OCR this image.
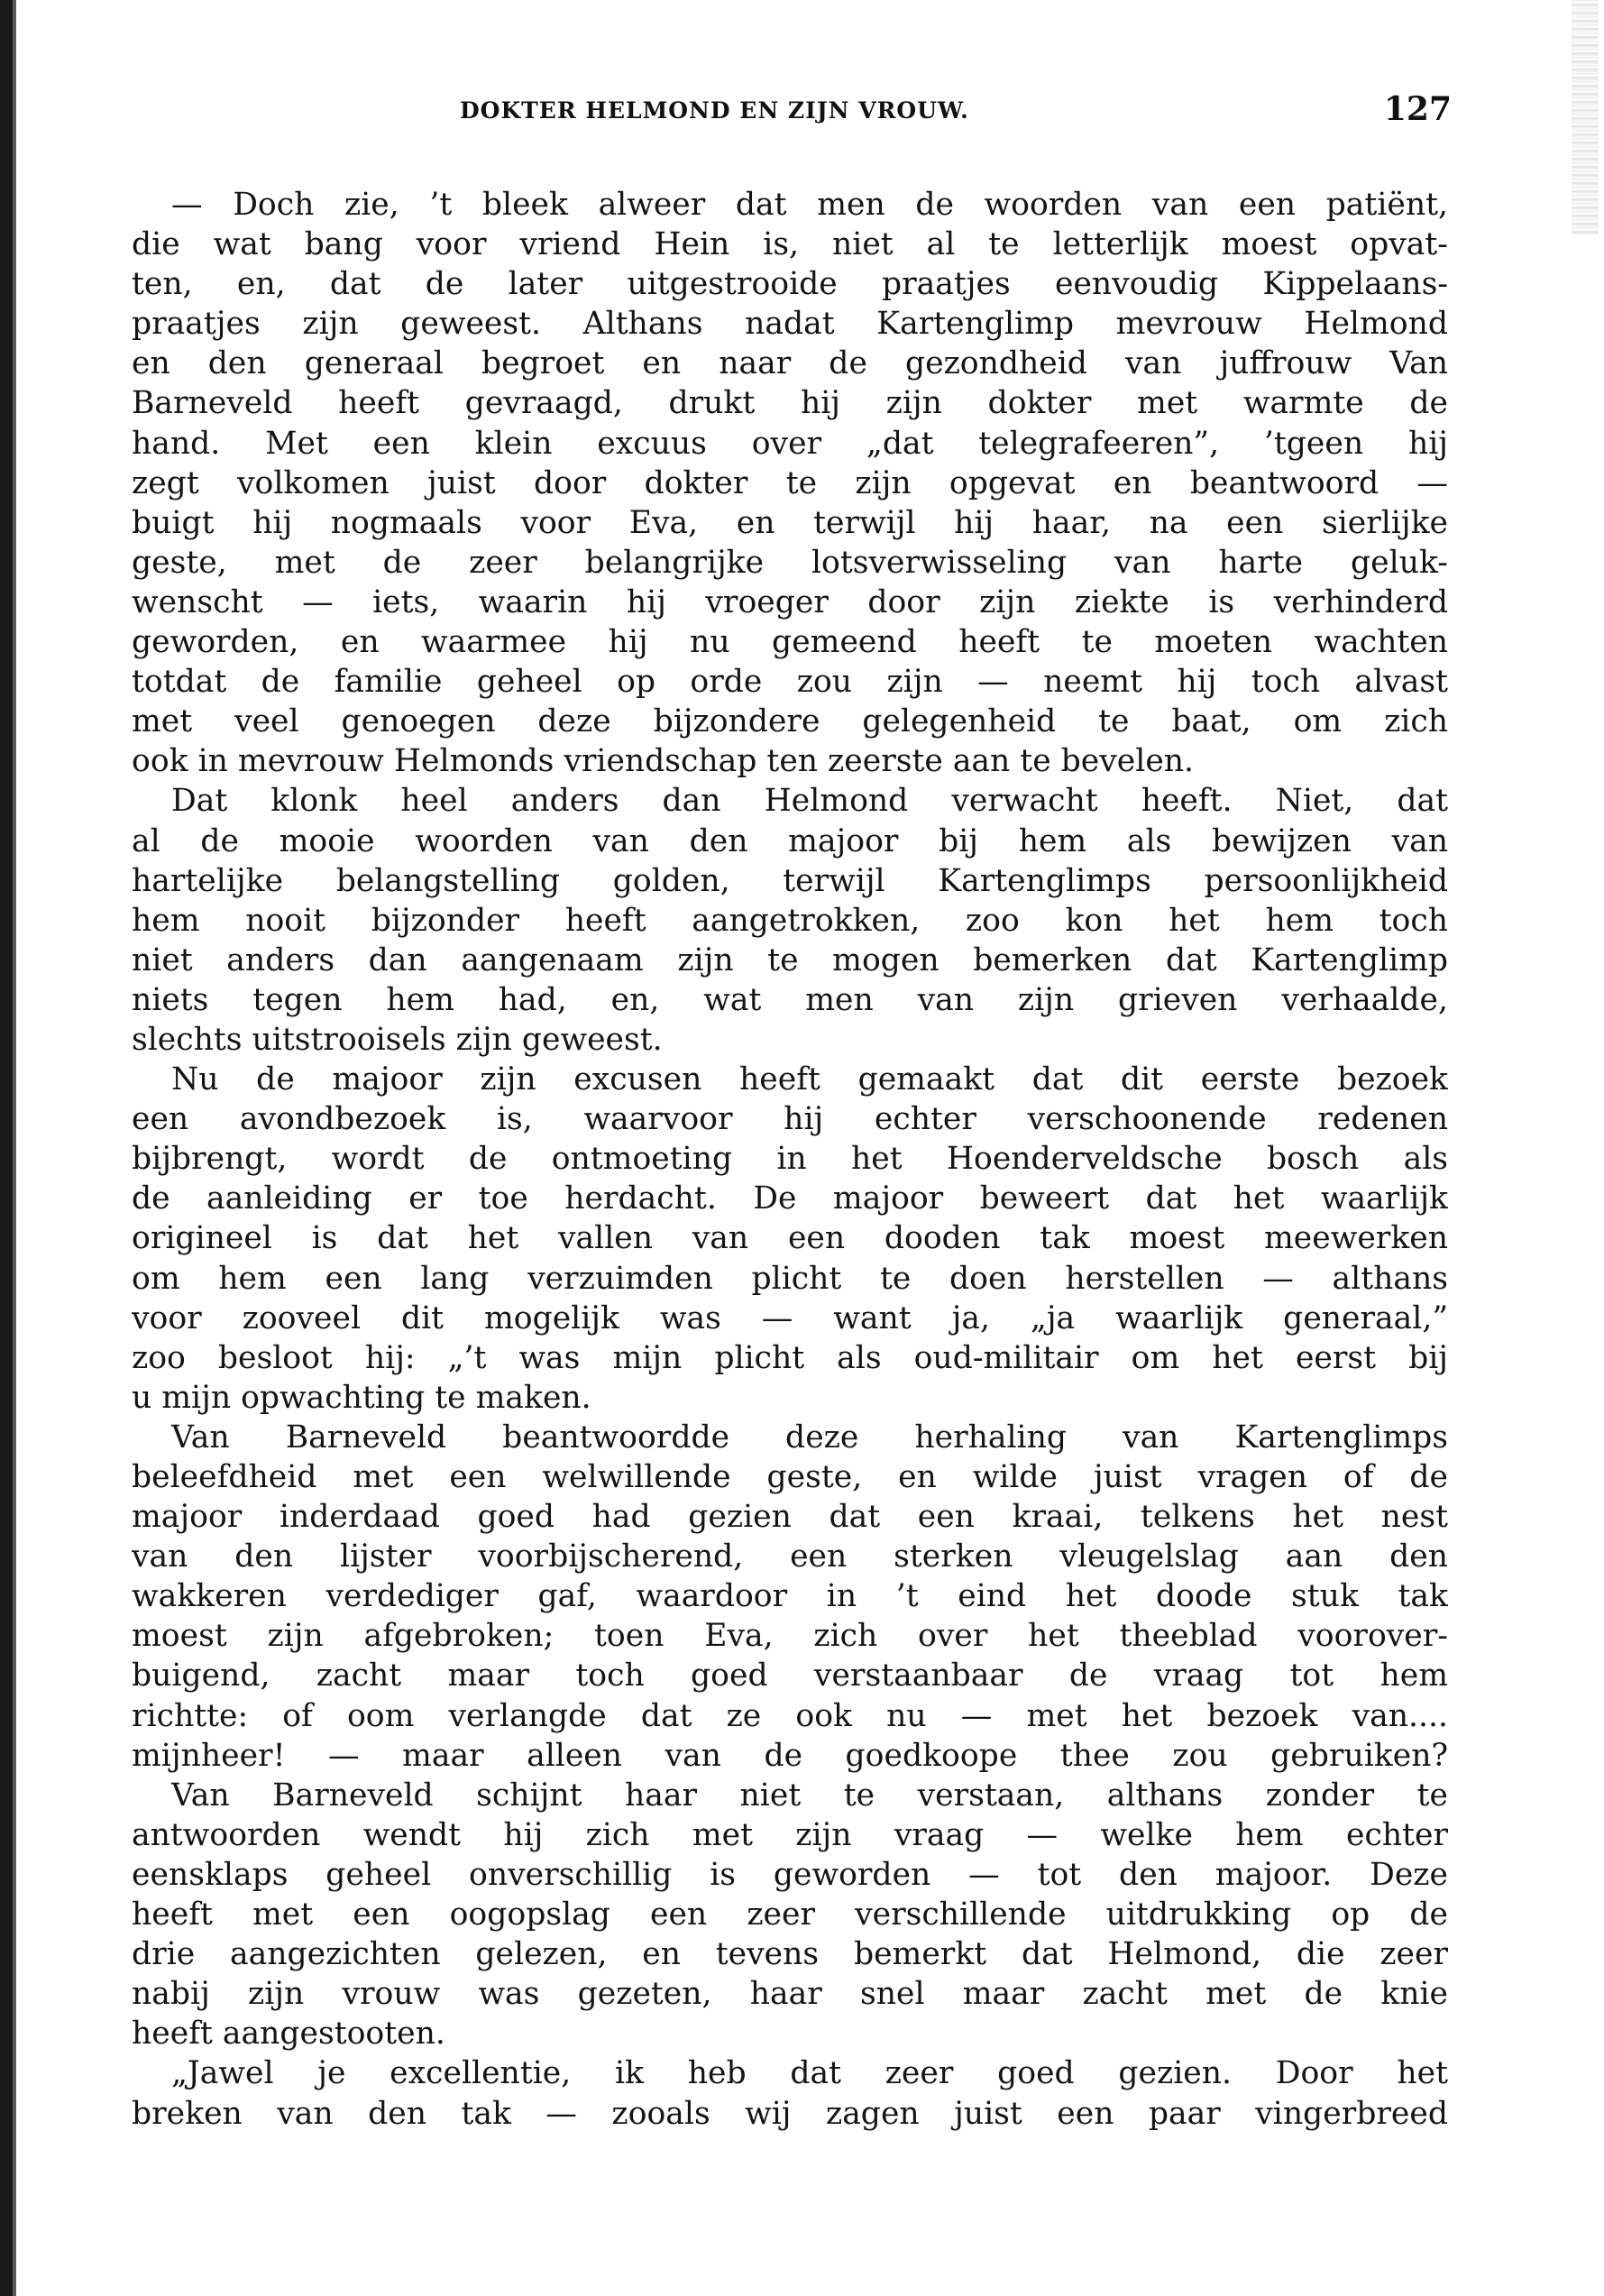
DOKTER HELMOND EN ZIJN VROUW.	127
— Doch zie, ’t bleek alweer dat men de woorden van een patiënt,
die wat bang voor vriend Hein is, niet al te letterlijk moest opvat-
ten, en, dat de later uitgestrooide praatjes eenvoudig Kippelaans-
praatjes zijn geweest. Althans nadat Kartenglimp mevrouw Helmond
en den generaal begroet en naar de gezondheid van juffrouw Van
Barneveld heeft gevraagd, drukt hij zijn dokter met warmte de
hand. Met een klein excuus over „dat telegrafeeren”, ’tgeen hij
zegt volkomen juist door dokter te zijn opgevat en beantwoord —
buigt hij nogmaals voor Eva, en terwijl hij haar, na een sierlijke
geste, met de zeer belangrijke lotsverwisseling van harte geluk-
wenscht — iets, waarin hij vroeger door zijn ziekte is verhinderd
geworden, en waarmee hij nu gemeend heeft te moeten wachten
totdat de familie geheel op orde zou zijn — neemt hij toch alvast
met veel genoegen deze bijzondere gelegenheid te baat, om zich
ook in mevrouw Helmonds vriendschap ten zeerste aan te bevelen.
Dat klonk heel anders dan Helmond verwacht heeft. Niet, dat
al de mooie woorden van den majoor bij hem als bewijzen van
hartelijke belangstelling golden, terwijl Kartenglimps persoonlijkheid
hem nooit bijzonder heeft aangetrokken, zoo kon het hem toch
niet anders dan aangenaam zijn te mogen bemerken dat Kartenglimp
niets tegen hem had, en, wat men van zijn grieven verhaalde,
slechts uitstrooisels zijn geweest.
Nu de majoor zijn excusen heeft gemaakt dat dit eerste bezoek
een avondbezoek is, waarvoor hij echter verschoonende redenen
bijbrengt, wordt de ontmoeting in het Hoenderveldsche bosch als
de aanleiding er toe herdacht. De majoor beweert dat het waarlijk
origineel is dat het vallen van een dooden tak moest meewerken
om hem een lang verzuimden plicht te doen herstellen — althans
voor zooveel dit mogelijk was — want ja, „ja waarlijk generaal,”
zoo besloot hij: „’t was mijn plicht als oud-militair om het eerst bij
u mijn opwachting te maken.
Van Barneveld beantwoordde deze herhaling van Kartenglimps
beleefdheid met een welwillende geste, en wilde juist vragen of de
majoor inderdaad goed had gezien dat een kraai, telkens het nest
van den lijster voorbijscherend, een sterken vleugelslag aan den
wakkeren verdediger gaf, waardoor in ’t eind het doode stuk tak
moest zijn afgebroken; toen Eva, zich over het theeblad voorover-
buigend, zacht maar toch goed verstaanbaar de vraag tot hem
richtte: of oom verlangde dat ze ook nu — met het bezoek van....
mijnheer! — maar alleen van de goedkoope thee zou gebruiken?
Van Barneveld schijnt haar niet te verstaan, althans zonder te
antwoorden wendt hij zich met zijn vraag — welke hem echter
eensklaps geheel onverschillig is geworden — tot den majoor. Deze
heeft met een oogopslag een zeer verschillende uitdrukking op de
drie aangezichten gelezen, en tevens bemerkt dat Helmond, die zeer
nabij zijn vrouw was gezeten, haar snel maar zacht met de knie
heeft aangestooten.
„Jawel je excellentie, ik heb dat zeer goed gezien. Door het
breken van den tak — zooals wij zagen juist een paar vingerbreed
